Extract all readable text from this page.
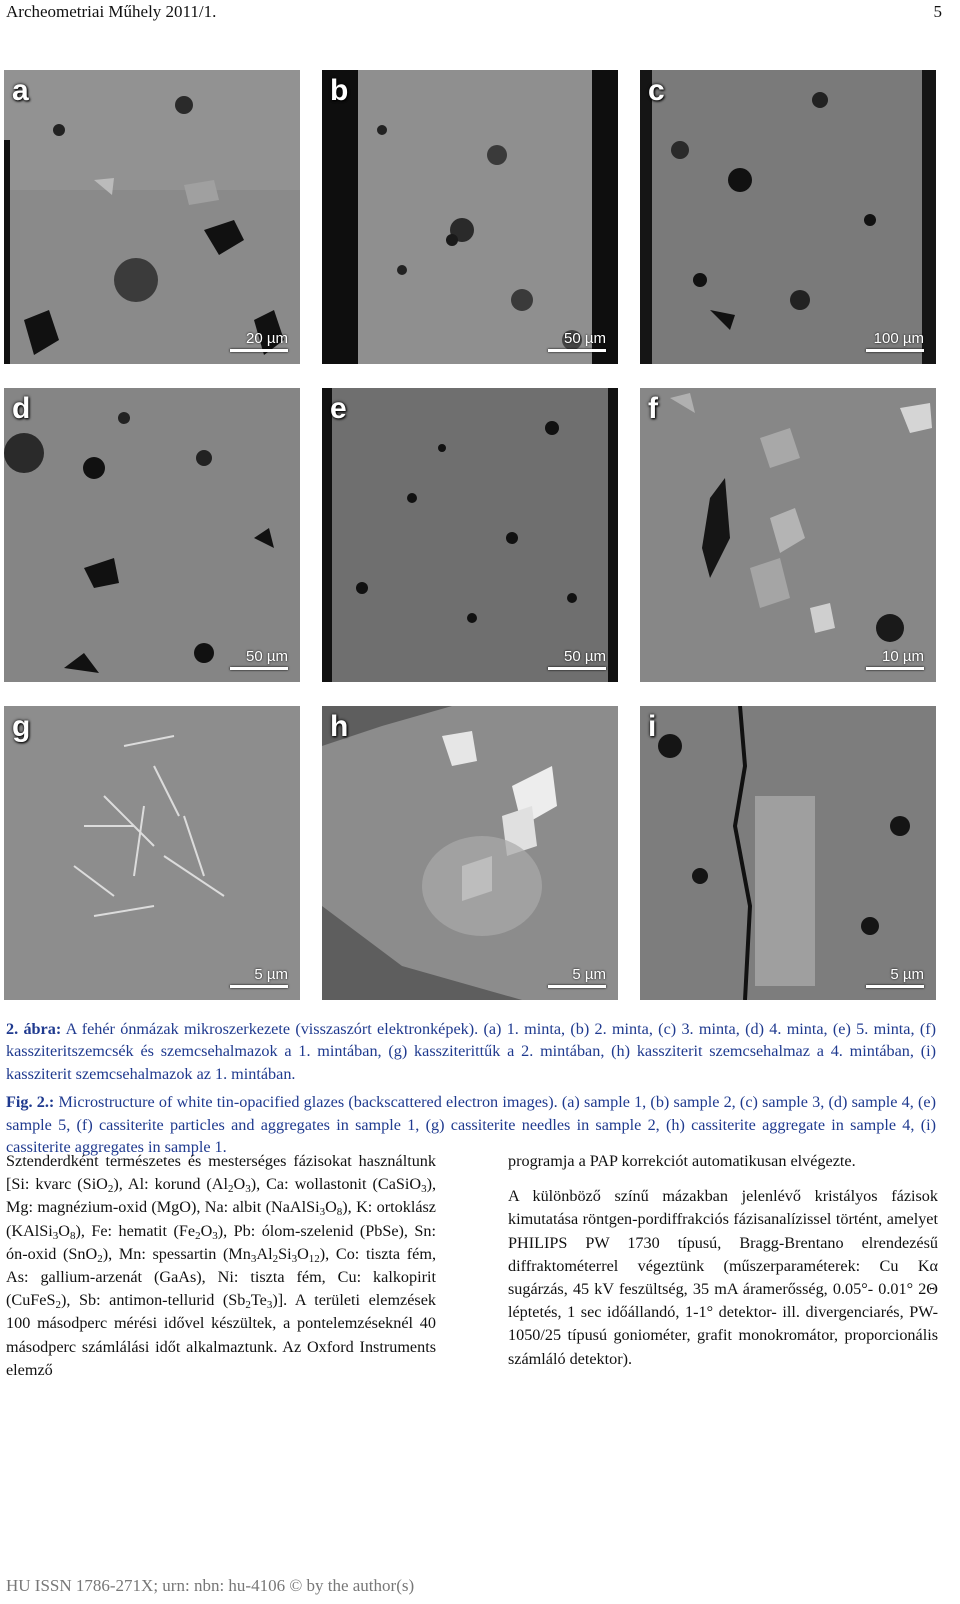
Archeometriai Műhely 2011/1.	5
a
20 µm
b
50 µm
c
100 µm
d
50 µm
e
50 µm
f
10 µm
g
5 µm
h
5 µm
i
5 µm

2. ábra: A fehér ónmázak mikroszerkezete (visszaszórt elektronképek). (a) 1. minta, (b) 2. minta, (c) 3. minta, (d) 4. minta, (e) 5. minta, (f) kassziteritszemcsék és szemcsehalmazok a 1. mintában, (g) kassziterittűk a 2. mintában, (h) kassziterit szemcsehalmaz a 4. mintában, (i) kassziterit szemcsehalmazok az 1. mintában.

Fig. 2.: Microstructure of white tin-opacified glazes (backscattered electron images). (a) sample 1, (b) sample 2, (c) sample 3, (d) sample 4, (e) sample 5, (f) cassiterite particles and aggregates in sample 1, (g) cassiterite needles in sample 2, (h) cassiterite aggregate in sample 4, (i) cassiterite aggregates in sample 1.

Sztenderdként természetes és mesterséges fázisokat használtunk [Si: kvarc (SiO$_2$), Al: korund $(Al_2O_3)$, Ca: wollastonit (CaSiO$_3$), Mg: magnézium-oxid (MgO), Na: albit $(NaAlSi_3O_8)$, K: ortoklász $(KAlSi_3O_8)$, Fe: hematit $(Fe_2O_3)$, Pb: ólom-szelenid (PbSe), Sn: ón-oxid (SnO$_2$), Mn: spessartin $(Mn_3Al_2Si_3O_{12})$, Co: tiszta fém, As: gallium-arzenát (GaAs), Ni: tiszta fém, Cu: kalkopirit (CuFeS$_2$), Sb: antimon-tellurid $(Sb_2Te_3)$]. A területi elemzések 100 másodperc mérési idővel készültek, a pontelemzéseknél 40 másodperc számlálási időt alkalmaztunk. Az Oxford Instruments elemző

programja a PAP korrekciót automatikusan elvégezte.

A különböző színű mázakban jelenlévő kristályos fázisok kimutatása röntgen-pordiffrakciós fázisanalízissel történt, amelyet PHILIPS PW 1730 típusú, Bragg-Brentano elrendezésű diffraktométerrel végeztünk (műszerparaméterek: Cu Kα sugárzás, 45 kV feszültség, 35 mA áramerősség, 0.05°- 0.01° 2Θ léptetés, 1 sec időállandó, 1-1° detektor- ill. divergenciarés, PW-1050/25 típusú goniométer, grafit monokromátor, proporcionális számláló detektor).

HU ISSN 1786-271X; urn: nbn: hu-4106 © by the author(s)
